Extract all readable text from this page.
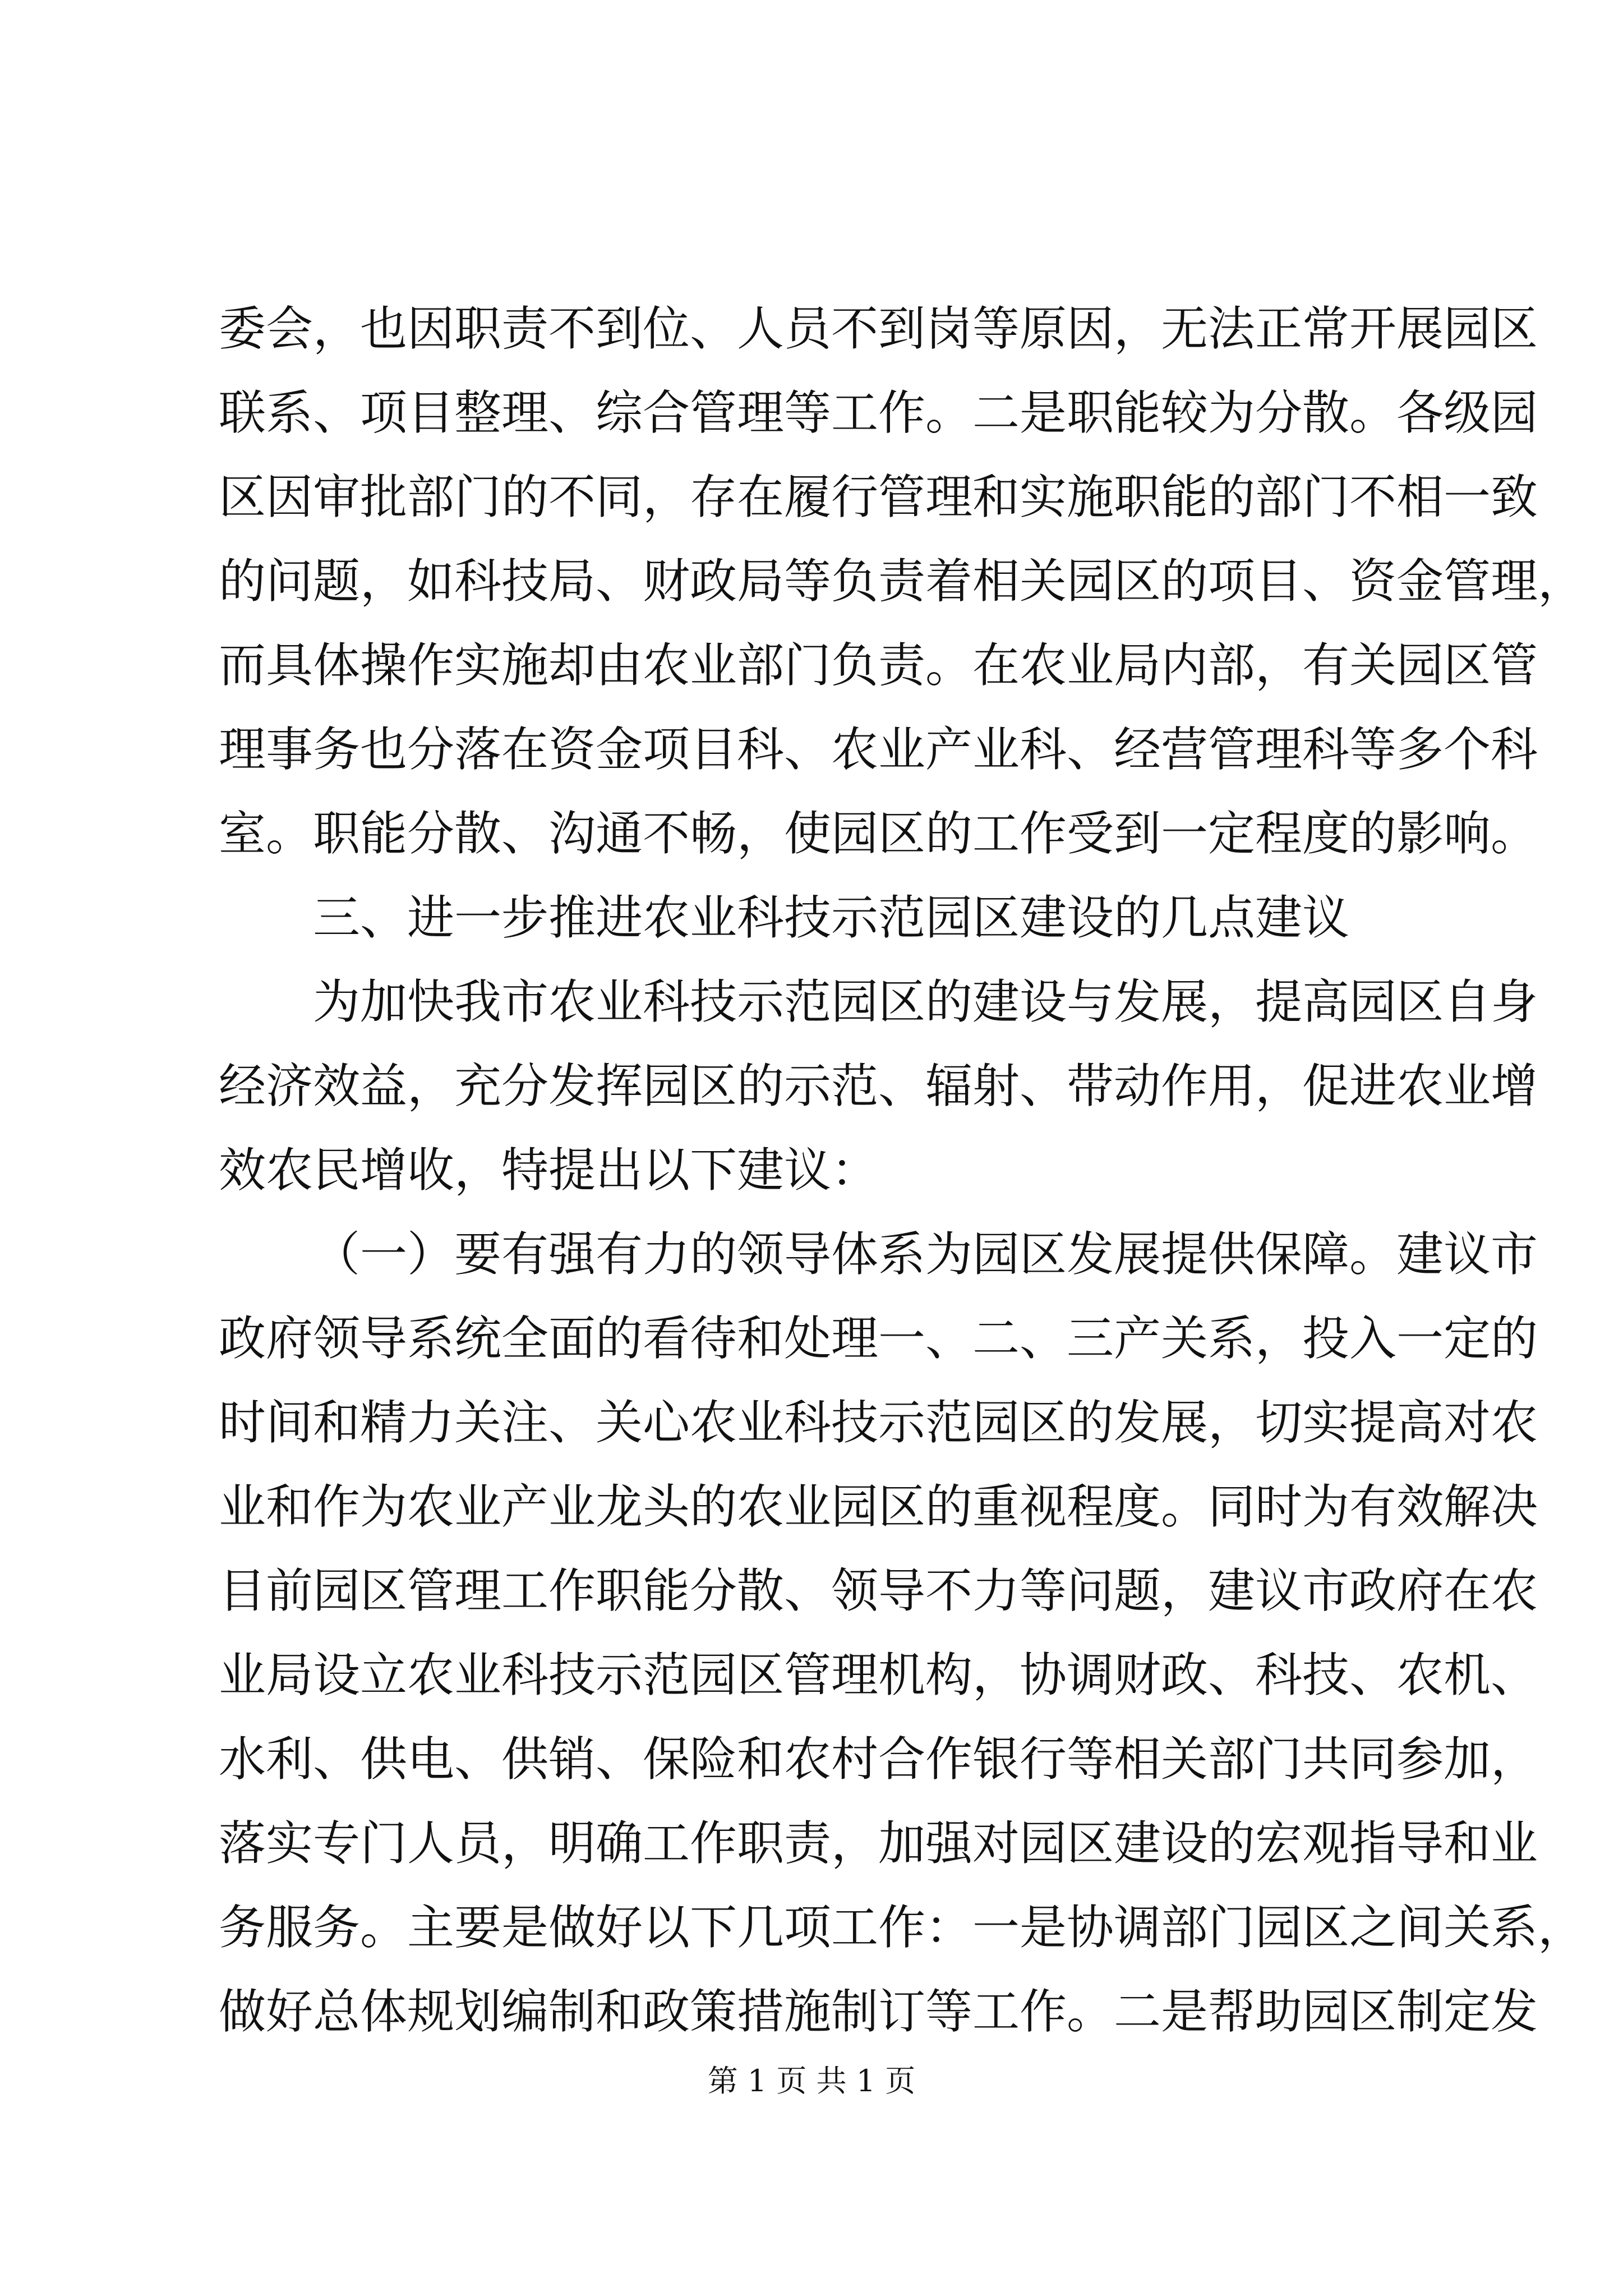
委会，也因职责不到位、人员不到岗等原因，无法正常开展园区
联系、项目整理、综合管理等工作。二是职能较为分散。各级园
区因审批部门的不同，存在履行管理和实施职能的部门不相一致
的问题，如科技局、财政局等负责着相关园区的项目、资金管理，
而具体操作实施却由农业部门负责。在农业局内部，有关园区管
理事务也分落在资金项目科、农业产业科、经营管理科等多个科
室。职能分散、沟通不畅，使园区的工作受到一定程度的影响。
三、进一步推进农业科技示范园区建设的几点建议
为加快我市农业科技示范园区的建设与发展，提高园区自身
经济效益，充分发挥园区的示范、辐射、带动作用，促进农业增
效农民增收，特提出以下建议：
（一）要有强有力的领导体系为园区发展提供保障。建议市
政府领导系统全面的看待和处理一、二、三产关系，投入一定的
时间和精力关注、关心农业科技示范园区的发展，切实提高对农
业和作为农业产业龙头的农业园区的重视程度。同时为有效解决
目前园区管理工作职能分散、领导不力等问题，建议市政府在农
业局设立农业科技示范园区管理机构，协调财政、科技、农机、
水利、供电、供销、保险和农村合作银行等相关部门共同参加，
落实专门人员，明确工作职责，加强对园区建设的宏观指导和业
务服务。主要是做好以下几项工作：一是协调部门园区之间关系，
做好总体规划编制和政策措施制订等工作。二是帮助园区制定发
第 1 页 共 1 页
